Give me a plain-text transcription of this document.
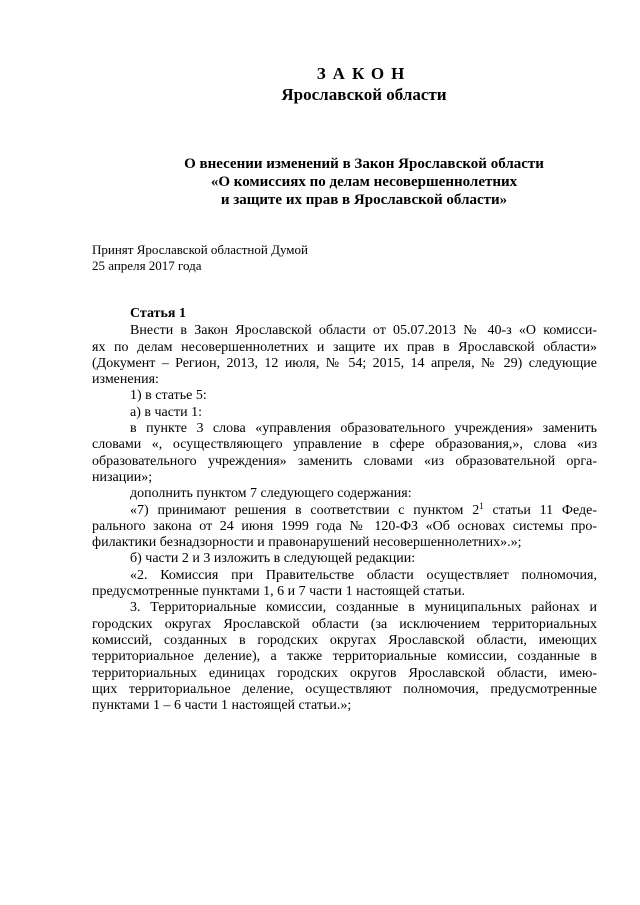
ЗАКОН
Ярославской области
О внесении изменений в Закон Ярославской области
«О комиссиях по делам несовершеннолетних
и защите их прав в Ярославской области»
Принят Ярославской областной Думой
25 апреля 2017 года
Статья 1
Внести в Закон Ярославской области от 05.07.2013 № 40-з «О комисси-
ях по делам несовершеннолетних и защите их прав в Ярославской области»
(Документ – Регион, 2013, 12 июля, № 54; 2015, 14 апреля, № 29) следующие
изменения:
1) в статье 5:
а) в части 1:
в пункте 3 слова «управления образовательного учреждения» заменить
словами «, осуществляющего управление в сфере образования,», слова «из
образовательного учреждения» заменить словами «из образовательной орга-
низации»;
дополнить пунктом 7 следующего содержания:
«7) принимают решения в соответствии с пунктом $2^1$ статьи 11 Феде-
рального закона от 24 июня 1999 года № 120-ФЗ «Об основах системы про-
филактики безнадзорности и правонарушений несовершеннолетних».»;
б) части 2 и 3 изложить в следующей редакции:
«2. Комиссия при Правительстве области осуществляет полномочия,
предусмотренные пунктами 1, 6 и 7 части 1 настоящей статьи.
3. Территориальные комиссии, созданные в муниципальных районах и
городских округах Ярославской области (за исключением территориальных
комиссий, созданных в городских округах Ярославской области, имеющих
территориальное деление), а также территориальные комиссии, созданные в
территориальных единицах городских округов Ярославской области, имею-
щих территориальное деление, осуществляют полномочия, предусмотренные
пунктами 1 – 6 части 1 настоящей статьи.»;
